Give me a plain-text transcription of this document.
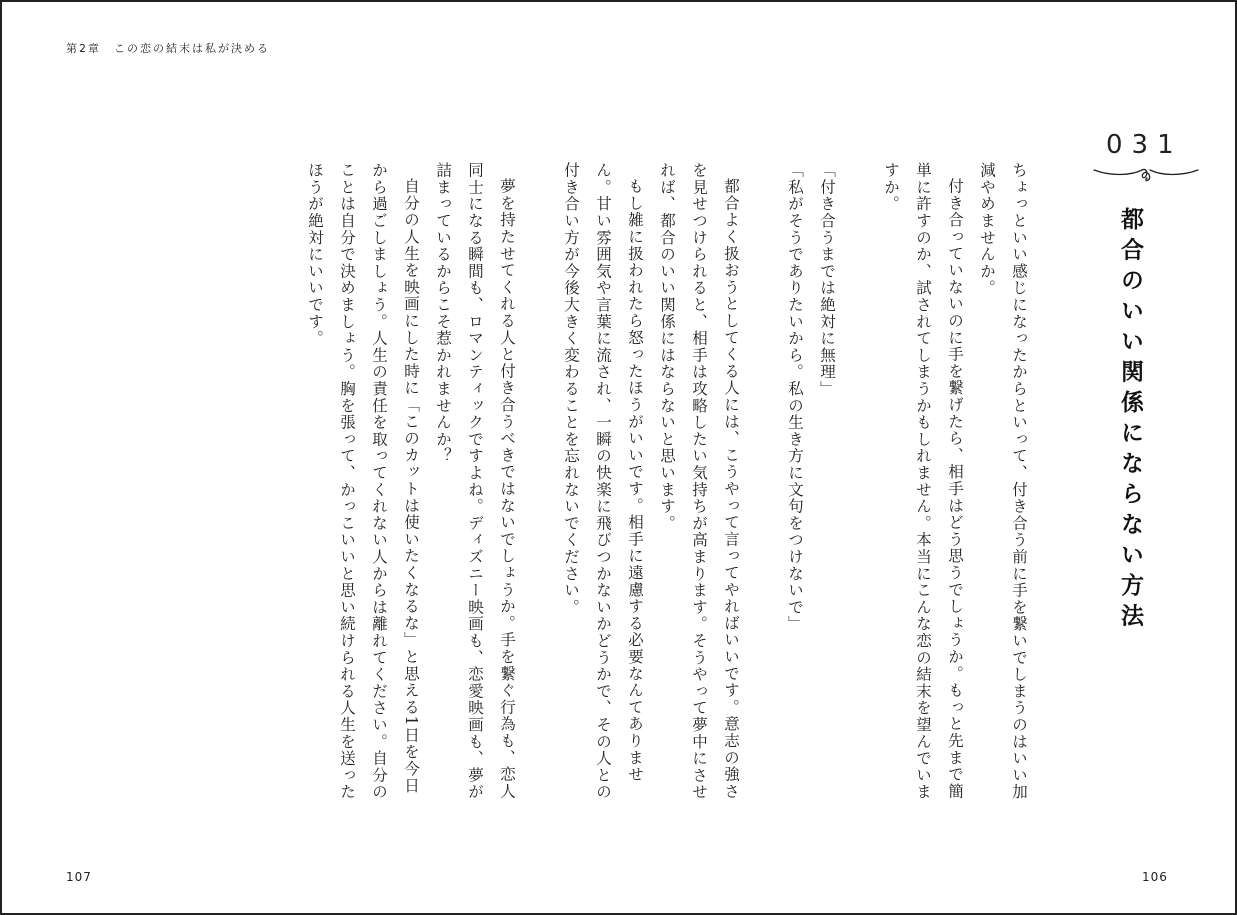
第2章　この恋の結末は私が決める
031
都合のいい関係にならない方法

ちょっといい感じになったからといって、付き合う前に手を繋いでしまうのはいい加減やめませんか。

付き合っていないのに手を繋げたら、相手はどう思うでしょうか。もっと先まで簡単に許すのか、試されてしまうかもしれません。本当にこんな恋の結末を望んでいますか。

「付き合うまでは絶対に無理」

「私がそうでありたいから。私の生き方に文句をつけないで」

都合よく扱おうとしてくる人には、こうやって言ってやればいいです。意志の強さを見せつけられると、相手は攻略したい気持ちが高まります。そうやって夢中にさせれば、都合のいい関係にはならないと思います。

もし雑に扱われたら怒ったほうがいいです。相手に遠慮する必要なんてありません。甘い雰囲気や言葉に流され、一瞬の快楽に飛びつかないかどうかで、その人との付き合い方が今後大きく変わることを忘れないでください。

夢を持たせてくれる人と付き合うべきではないでしょうか。手を繋ぐ行為も、恋人同士になる瞬間も、ロマンティックですよね。ディズニー映画も、恋愛映画も、夢が詰まっているからこそ惹かれませんか？

自分の人生を映画にした時に「このカットは使いたくなるな」と思える1日を今日から過ごしましょう。人生の責任を取ってくれない人からは離れてください。自分のことは自分で決めましょう。胸を張って、かっこいいと思い続けられる人生を送ったほうが絶対にいいです。

107	106
